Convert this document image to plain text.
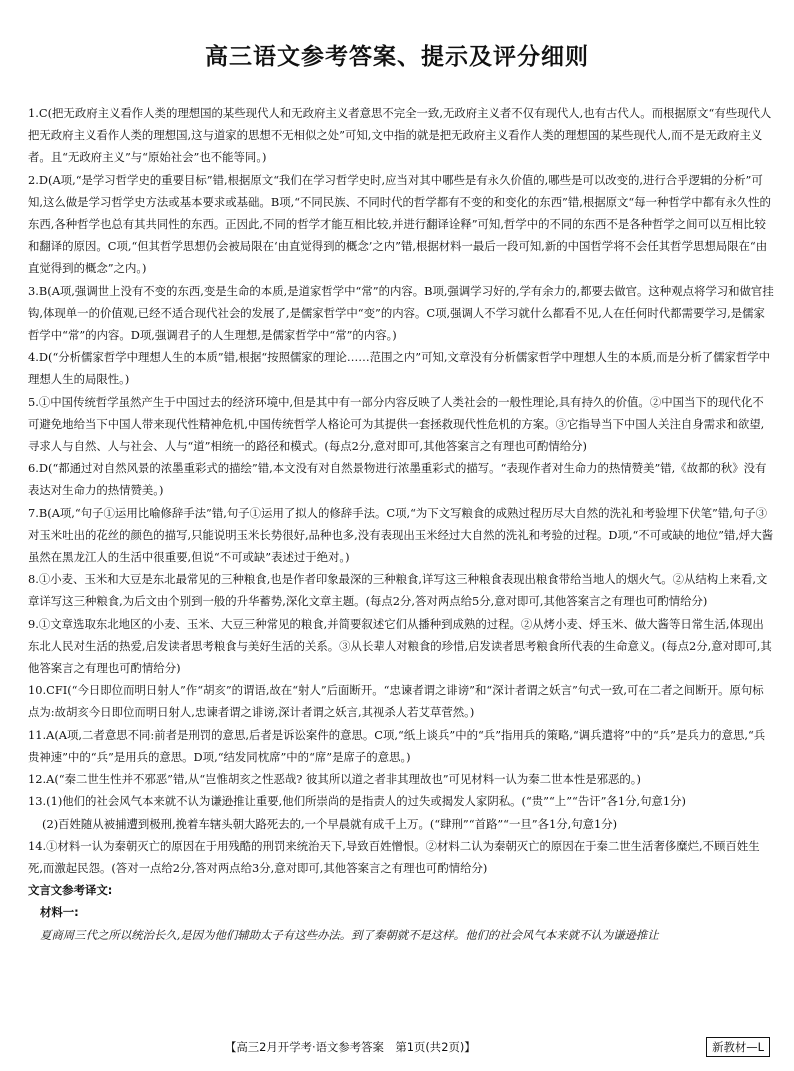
高三语文参考答案、提示及评分细则

1.C(把无政府主义看作人类的理想国的某些现代人和无政府主义者意思不完全一致,无政府主义者不仅有现代人,也有古代人。而根据原文“有些现代人把无政府主义看作人类的理想国,这与道家的思想不无相似之处”可知,文中指的就是把无政府主义看作人类的理想国的某些现代人,而不是无政府主义者。且“无政府主义”与“原始社会”也不能等同。)

2.D(A项,“是学习哲学史的重要目标”错,根据原文“我们在学习哲学史时,应当对其中哪些是有永久价值的,哪些是可以改变的,进行合乎逻辑的分析”可知,这么做是学习哲学史方法或基本要求或基础。B项,“不同民族、不同时代的哲学都有不变的和变化的东西”错,根据原文“每一种哲学中都有永久性的东西,各种哲学也总有其共同性的东西。正因此,不同的哲学才能互相比较,并进行翻译诠释”可知,哲学中的不同的东西不是各种哲学之间可以互相比较和翻译的原因。C项,“但其哲学思想仍会被局限在‘由直觉得到的概念’之内”错,根据材料一最后一段可知,新的中国哲学将不会任其哲学思想局限在“由直觉得到的概念”之内。)

3.B(A项,强调世上没有不变的东西,变是生命的本质,是道家哲学中“常”的内容。B项,强调学习好的,学有余力的,都要去做官。这种观点将学习和做官挂钩,体现单一的价值观,已经不适合现代社会的发展了,是儒家哲学中“变”的内容。C项,强调人不学习就什么都看不见,人在任何时代都需要学习,是儒家哲学中“常”的内容。D项,强调君子的人生理想,是儒家哲学中“常”的内容。)

4.D(“分析儒家哲学中理想人生的本质”错,根据“按照儒家的理论……范围之内”可知,文章没有分析儒家哲学中理想人生的本质,而是分析了儒家哲学中理想人生的局限性。)

5.①中国传统哲学虽然产生于中国过去的经济环境中,但是其中有一部分内容反映了人类社会的一般性理论,具有持久的价值。②中国当下的现代化不可避免地给当下中国人带来现代性精神危机,中国传统哲学人格论可为其提供一套拯救现代性危机的方案。③它指导当下中国人关注自身需求和欲望,寻求人与自然、人与社会、人与“道”相统一的路径和模式。(每点2分,意对即可,其他答案言之有理也可酌情给分)

6.D(“都通过对自然风景的浓墨重彩式的描绘”错,本文没有对自然景物进行浓墨重彩式的描写。“表现作者对生命力的热情赞美”错,《故都的秋》没有表达对生命力的热情赞美。)

7.B(A项,“句子①运用比喻修辞手法”错,句子①运用了拟人的修辞手法。C项,“为下文写粮食的成熟过程历尽大自然的洗礼和考验埋下伏笔”错,句子③对玉米吐出的花丝的颜色的描写,只能说明玉米长势很好,品种也多,没有表现出玉米经过大自然的洗礼和考验的过程。D项,“不可或缺的地位”错,烀大酱虽然在黑龙江人的生活中很重要,但说“不可或缺”表述过于绝对。)

8.①小麦、玉米和大豆是东北最常见的三种粮食,也是作者印象最深的三种粮食,详写这三种粮食表现出粮食带给当地人的烟火气。②从结构上来看,文章详写这三种粮食,为后文由个别到一般的升华蓄势,深化文章主题。(每点2分,答对两点给5分,意对即可,其他答案言之有理也可酌情给分)

9.①文章选取东北地区的小麦、玉米、大豆三种常见的粮食,并简要叙述它们从播种到成熟的过程。②从烤小麦、烀玉米、做大酱等日常生活,体现出东北人民对生活的热爱,启发读者思考粮食与美好生活的关系。③从长辈人对粮食的珍惜,启发读者思考粮食所代表的生命意义。(每点2分,意对即可,其他答案言之有理也可酌情给分)

10.CFI(“今日即位而明日射人”作“胡亥”的谓语,故在“射人”后面断开。“忠谏者谓之诽谤”和“深计者谓之妖言”句式一致,可在二者之间断开。原句标点为:故胡亥今日即位而明日射人,忠谏者谓之诽谤,深计者谓之妖言,其视杀人若艾草菅然。)

11.A(A项,二者意思不同:前者是刑罚的意思,后者是诉讼案件的意思。C项,“纸上谈兵”中的“兵”指用兵的策略,“调兵遣将”中的“兵”是兵力的意思,“兵贵神速”中的“兵”是用兵的意思。D项,“结发同枕席”中的“席”是席子的意思。)

12.A(“秦二世生性并不邪恶”错,从“岂惟胡亥之性恶哉? 彼其所以道之者非其理故也”可见材料一认为秦二世本性是邪恶的。)

13.(1)他们的社会风气本来就不认为谦逊推让重要,他们所崇尚的是指责人的过失或揭发人家阴私。(“贵”“上”“告讦”各1分,句意1分)

(2)百姓随从被捕遭到极刑,挽着车辖头朝大路死去的,一个早晨就有成千上万。(“肆刑”“首路”“一旦”各1分,句意1分)

14.①材料一认为秦朝灭亡的原因在于用残酷的刑罚来统治天下,导致百姓憎恨。②材料二认为秦朝灭亡的原因在于秦二世生活奢侈糜烂,不顾百姓生死,而激起民怨。(答对一点给2分,答对两点给3分,意对即可,其他答案言之有理也可酌情给分)

文言文参考译文:

材料一:

夏商周三代之所以统治长久,是因为他们辅助太子有这些办法。到了秦朝就不是这样。他们的社会风气本来就不认为谦逊推让

【高三2月开学考·语文参考答案　第1页(共2页)】	新教材—L
